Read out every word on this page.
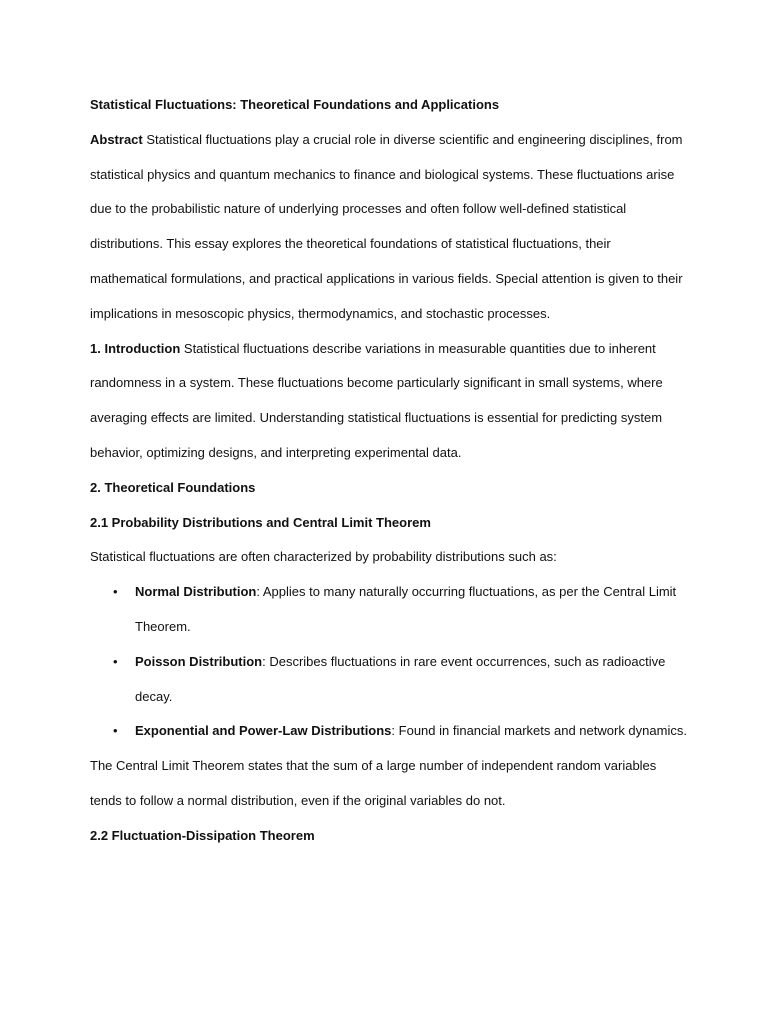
Statistical Fluctuations: Theoretical Foundations and Applications

Abstract Statistical fluctuations play a crucial role in diverse scientific and engineering disciplines, from statistical physics and quantum mechanics to finance and biological systems. These fluctuations arise due to the probabilistic nature of underlying processes and often follow well-defined statistical distributions. This essay explores the theoretical foundations of statistical fluctuations, their mathematical formulations, and practical applications in various fields. Special attention is given to their implications in mesoscopic physics, thermodynamics, and stochastic processes.

1. Introduction Statistical fluctuations describe variations in measurable quantities due to inherent randomness in a system. These fluctuations become particularly significant in small systems, where averaging effects are limited. Understanding statistical fluctuations is essential for predicting system behavior, optimizing designs, and interpreting experimental data.

2. Theoretical Foundations

2.1 Probability Distributions and Central Limit Theorem

Statistical fluctuations are often characterized by probability distributions such as:

• Normal Distribution: Applies to many naturally occurring fluctuations, as per the Central Limit Theorem.
• Poisson Distribution: Describes fluctuations in rare event occurrences, such as radioactive decay.
• Exponential and Power-Law Distributions: Found in financial markets and network dynamics.

The Central Limit Theorem states that the sum of a large number of independent random variables tends to follow a normal distribution, even if the original variables do not.

2.2 Fluctuation-Dissipation Theorem
